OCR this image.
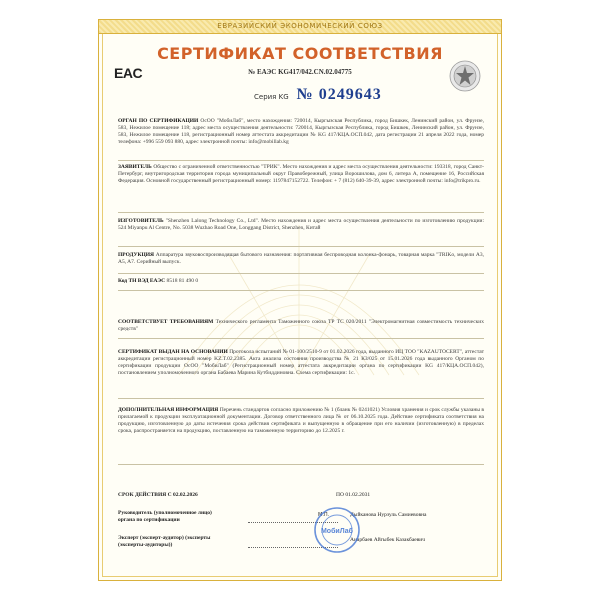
ЕВРАЗИЙСКИЙ ЭКОНОМИЧЕСКИЙ СОЮЗ
EAC
СЕРТИФИКАТ СООТВЕТСТВИЯ
№ ЕАЭС KG417/042.CN.02.04775
Серия KG № 0249643
ОРГАН ПО СЕРТИФИКАЦИИ ОсОО "МобиЛаб", место нахождения: 720014, Кыргызская Республика, город Бишкек, Ленинский район, ул. Фрунзе, 583, Нежилое помещение 118; адрес места осуществления деятельности: 720014, Кыргызская Республика, город Бишкек, Ленинский район, ул. Фрунзе, 583, Нежилое помещение 118, регистрационный номер аттестата аккредитации № KG 417/КЦА.ОСП.042, дата регистрации 21 апреля 2022 года, номер телефона: +996 559 093 880, адрес электронной почты: info@mobillab.kg
ЗАЯВИТЕЛЬ Общество с ограниченной ответственностью "ТРИК". Место нахождения и адрес места осуществления деятельности: 193318, город Санкт-Петербург, внутригородская территория города муниципальный округ Правобережный, улица Ворошилова, дом 6, литера А, помещение 16, Российская Федерация. Основной государственный регистрационный номер: 1197847152722. Телефон: + 7 (812) 640-39-39, адрес электронной почты: info@trikpro.ru.
ИЗГОТОВИТЕЛЬ "Shenzhen Lalong Technology Co., Ltd". Место нахождения и адрес места осуществления деятельности по изготовлению продукции: 524 Miyanpu Al Centre, No. 5038 Wuzhao Road One, Longgang District, Shenzhen, Китай
ПРОДУКЦИЯ Аппаратура звуковоспроизводящая бытового назначения: портативная беспроводная колонка-фонарь, товарная марка "TRIKo, модели A3, A5, A7. Серийный выпуск.
Код ТН ВЭД ЕАЭС 8518 81 490 0
СООТВЕТСТВУЕТ ТРЕБОВАНИЯМ Технического регламента Таможенного союза ТР ТС 020/2011 "Электромагнитная совместимость технических средств"
СЕРТИФИКАТ ВЫДАН НА ОСНОВАНИИ Протокола испытаний № 01-100/2510-9 от 01.02.2026 года, выданного ИЦ ТОО "KAZAUTOCERT", аттестат аккредитации регистрационный номер KZ.T.02.2385. Акта анализа состояния производства № 21 КЗ/025 от 15.01.2026 года выданного Органом по сертификации продукции ОсОО "МобиЛаб" (Регистрационный номер аттестата аккредитации органа по сертификации KG 417/КЦА.ОСП.042), постановлением уполномоченного органа Бабаева Марина Кутбиддиновна. Схема сертификации: 1с.
ДОПОЛНИТЕЛЬНАЯ ИНФОРМАЦИЯ Перечень стандартов согласно приложению № 1 (бланк № 0241021) Условия хранения и срок службы указаны в прилагаемой к продукции эксплуатационной документации. Договор ответственного лица № от 06.10.2025 года. Действие сертификата соответствия на продукцию, изготовленную до даты истечения срока действия сертификата и выпущенную в обращение при его наличии (изготовленную) в пределах срока, распространяется на продукцию, поставленную на таможенную территорию до 12.2025 г.
СРОК ДЕЙСТВИЯ С 02.02.2026	ПО 01.02.2031
Руководитель (уполномоченное лицо) органа по сертификации
М.П.	Дыйканова Нурзуль Самиевовна
Эксперт (эксперт-аудитор) (эксперты (эксперты-аудиторы))
Анарбаев Айгыбек Казакбаевич
МобиЛаб
